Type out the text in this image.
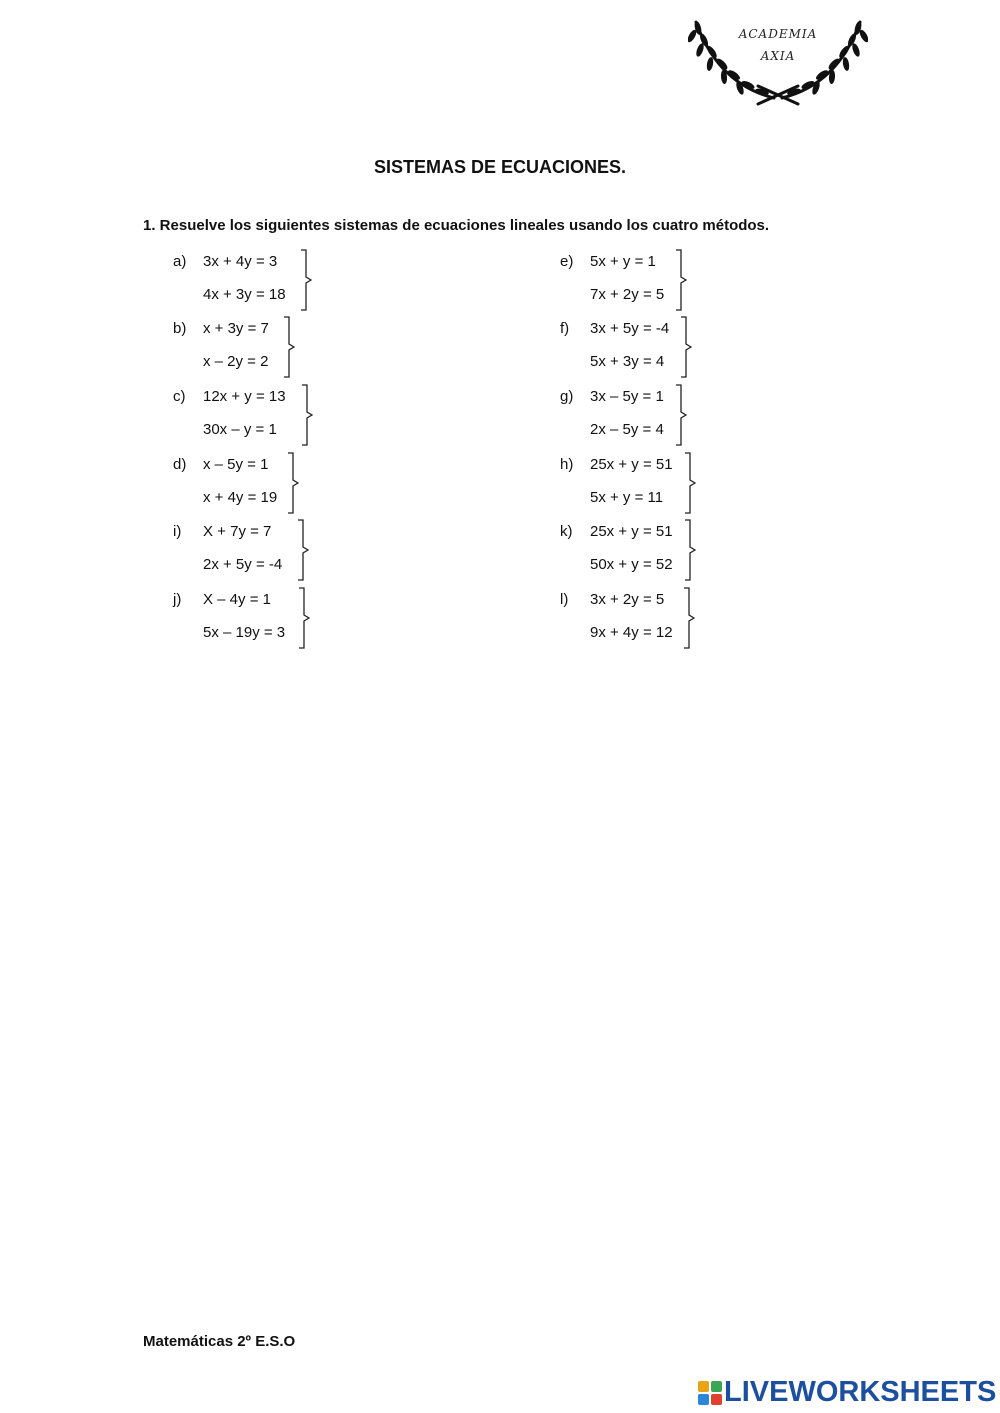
ACADEMIA
AXIA
SISTEMAS DE ECUACIONES.
1. Resuelve los siguientes sistemas de ecuaciones lineales usando los cuatro métodos.
a) 3x + 4y = 3
4x + 3y = 18
b) x + 3y = 7
x – 2y = 2
c) 12x + y = 13
30x – y = 1
d) x – 5y = 1
x + 4y = 19
i) X + 7y = 7
2x + 5y = -4
j) X – 4y = 1
5x – 19y = 3
e) 5x + y = 1
7x + 2y = 5
f) 3x + 5y = -4
5x + 3y = 4
g) 3x – 5y = 1
2x – 5y = 4
h) 25x + y = 51
5x + y = 11
k) 25x + y = 51
50x + y = 52
l) 3x + 2y = 5
9x + 4y = 12
Matemáticas 2º E.S.O
LIVEWORKSHEETS
